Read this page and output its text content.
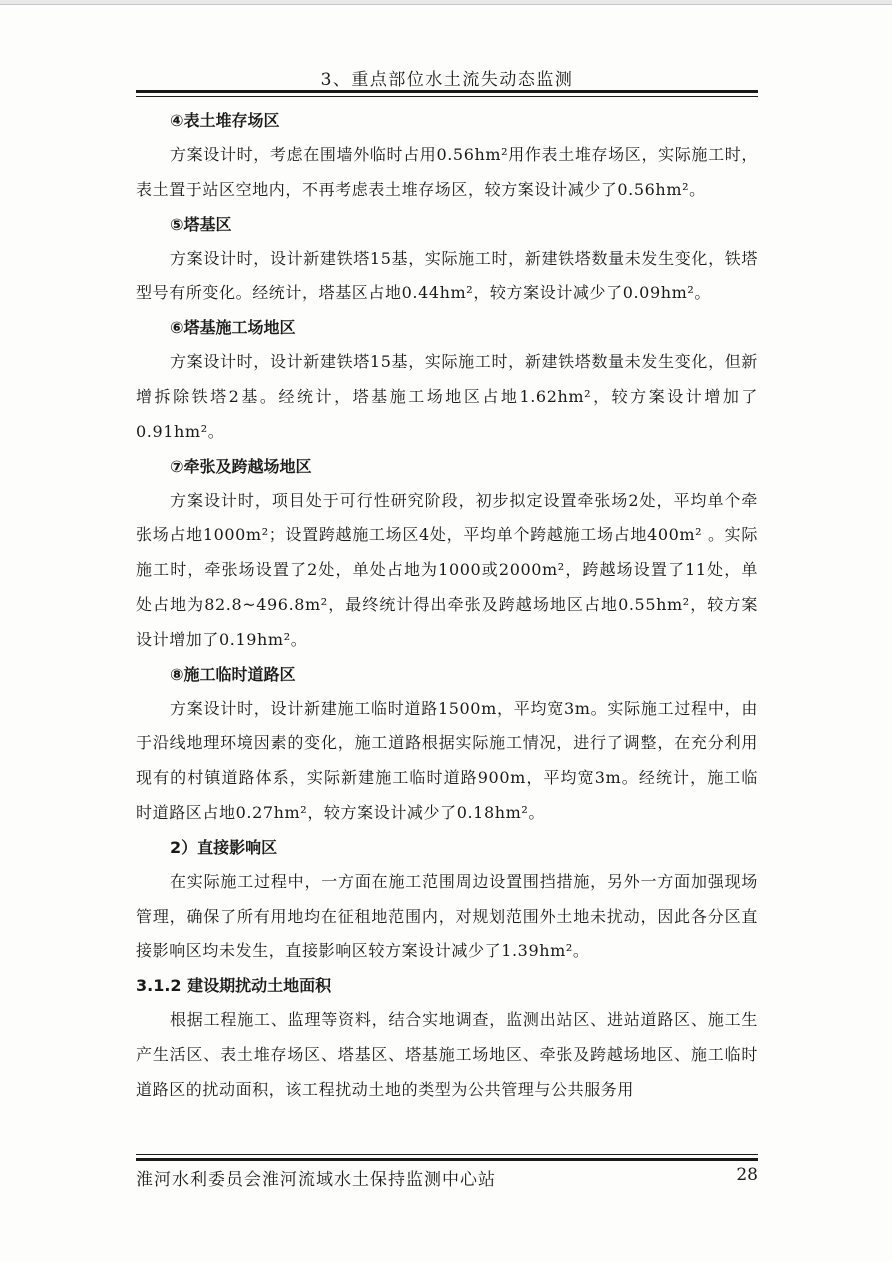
3、重点部位水土流失动态监测
④表土堆存场区
方案设计时，考虑在围墙外临时占用0.56hm²用作表土堆存场区，实际施工时，表土置于站区空地内，不再考虑表土堆存场区，较方案设计减少了0.56hm²。
⑤塔基区
方案设计时，设计新建铁塔15基，实际施工时，新建铁塔数量未发生变化，铁塔型号有所变化。经统计，塔基区占地0.44hm²，较方案设计减少了0.09hm²。
⑥塔基施工场地区
方案设计时，设计新建铁塔15基，实际施工时，新建铁塔数量未发生变化，但新增拆除铁塔2基。经统计，塔基施工场地区占地1.62hm²，较方案设计增加了0.91hm²。
⑦牵张及跨越场地区
方案设计时，项目处于可行性研究阶段，初步拟定设置牵张场2处，平均单个牵张场占地1000m²；设置跨越施工场区4处，平均单个跨越施工场占地400m² 。实际施工时，牵张场设置了2处，单处占地为1000或2000m²，跨越场设置了11处，单处占地为82.8~496.8m²，最终统计得出牵张及跨越场地区占地0.55hm²，较方案设计增加了0.19hm²。
⑧施工临时道路区
方案设计时，设计新建施工临时道路1500m，平均宽3m。实际施工过程中，由于沿线地理环境因素的变化，施工道路根据实际施工情况，进行了调整，在充分利用现有的村镇道路体系，实际新建施工临时道路900m，平均宽3m。经统计，施工临时道路区占地0.27hm²，较方案设计减少了0.18hm²。
2）直接影响区
在实际施工过程中，一方面在施工范围周边设置围挡措施，另外一方面加强现场管理，确保了所有用地均在征租地范围内，对规划范围外土地未扰动，因此各分区直接影响区均未发生，直接影响区较方案设计减少了1.39hm²。
3.1.2 建设期扰动土地面积
根据工程施工、监理等资料，结合实地调查，监测出站区、进站道路区、施工生产生活区、表土堆存场区、塔基区、塔基施工场地区、牵张及跨越场地区、施工临时道路区的扰动面积，该工程扰动土地的类型为公共管理与公共服务用
淮河水利委员会淮河流域水土保持监测中心站	28
